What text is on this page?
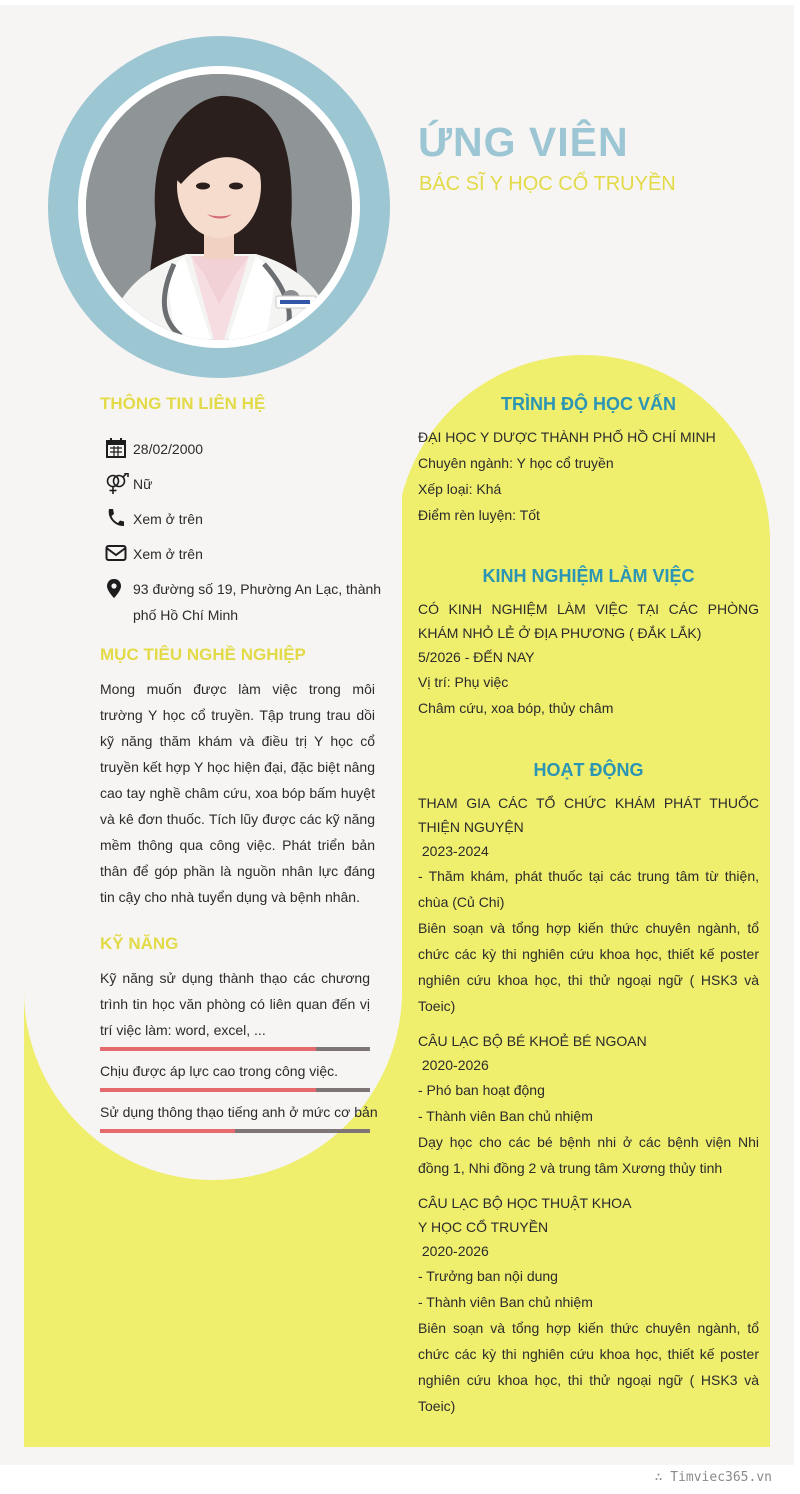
ỨNG VIÊN
BÁC SĨ Y HỌC CỔ TRUYỀN
THÔNG TIN LIÊN HỆ
28/02/2000
Nữ
Xem ở trên
Xem ở trên
93 đường số 19, Phường An Lạc, thành phố Hồ Chí Minh
MỤC TIÊU NGHỀ NGHIỆP
Mong muốn được làm việc trong môi trường Y học cổ truyền. Tập trung trau dồi kỹ năng thăm khám và điều trị Y học cổ truyền kết hợp Y học hiện đại, đặc biệt nâng cao tay nghề châm cứu, xoa bóp bấm huyệt và kê đơn thuốc. Tích lũy được các kỹ năng mềm thông qua công việc. Phát triển bản thân để góp phần là nguồn nhân lực đáng tin cậy cho nhà tuyển dụng và bệnh nhân.
KỸ NĂNG
Kỹ năng sử dụng thành thạo các chương trình tin học văn phòng có liên quan đến vị trí việc làm: word, excel, ...
Chịu được áp lực cao trong công việc.
Sử dụng thông thạo tiếng anh ở mức cơ bản
TRÌNH ĐỘ HỌC VẤN
ĐẠI HỌC Y DƯỢC THÀNH PHỐ HỒ CHÍ MINH
Chuyên ngành: Y học cổ truyền
Xếp loại: Khá
Điểm rèn luyện: Tốt
KINH NGHIỆM LÀM VIỆC
CÓ KINH NGHIỆM LÀM VIỆC TẠI CÁC PHÒNG KHÁM NHỎ LẺ Ở ĐỊA PHƯƠNG ( ĐẮK LẮK)
5/2026 - ĐẾN NAY
Vị trí: Phụ việc
Châm cứu, xoa bóp, thủy châm
HOẠT ĐỘNG
THAM GIA CÁC TỔ CHỨC KHÁM PHÁT THUỐC THIỆN NGUYỆN
2023-2024
- Thăm khám, phát thuốc tại các trung tâm từ thiện, chùa (Củ Chi)
Biên soạn và tổng hợp kiến thức chuyên ngành, tổ chức các kỳ thi nghiên cứu khoa học, thiết kế poster nghiên cứu khoa học, thi thử ngoại ngữ ( HSK3 và Toeic)
CÂU LẠC BỘ BÉ KHOẺ BÉ NGOAN
2020-2026
- Phó ban hoạt động
- Thành viên Ban chủ nhiệm
Dạy học cho các bé bệnh nhi ở các bệnh viện Nhi đồng 1, Nhi đồng 2 và trung tâm Xương thủy tinh
CÂU LẠC BỘ HỌC THUẬT KHOA
Y HỌC CỔ TRUYỀN
2020-2026
- Trưởng ban nội dung
- Thành viên Ban chủ nhiệm
Biên soạn và tổng hợp kiến thức chuyên ngành, tổ chức các kỳ thi nghiên cứu khoa học, thiết kế poster nghiên cứu khoa học, thi thử ngoại ngữ ( HSK3 và Toeic)
∴ Timviec365.vn
